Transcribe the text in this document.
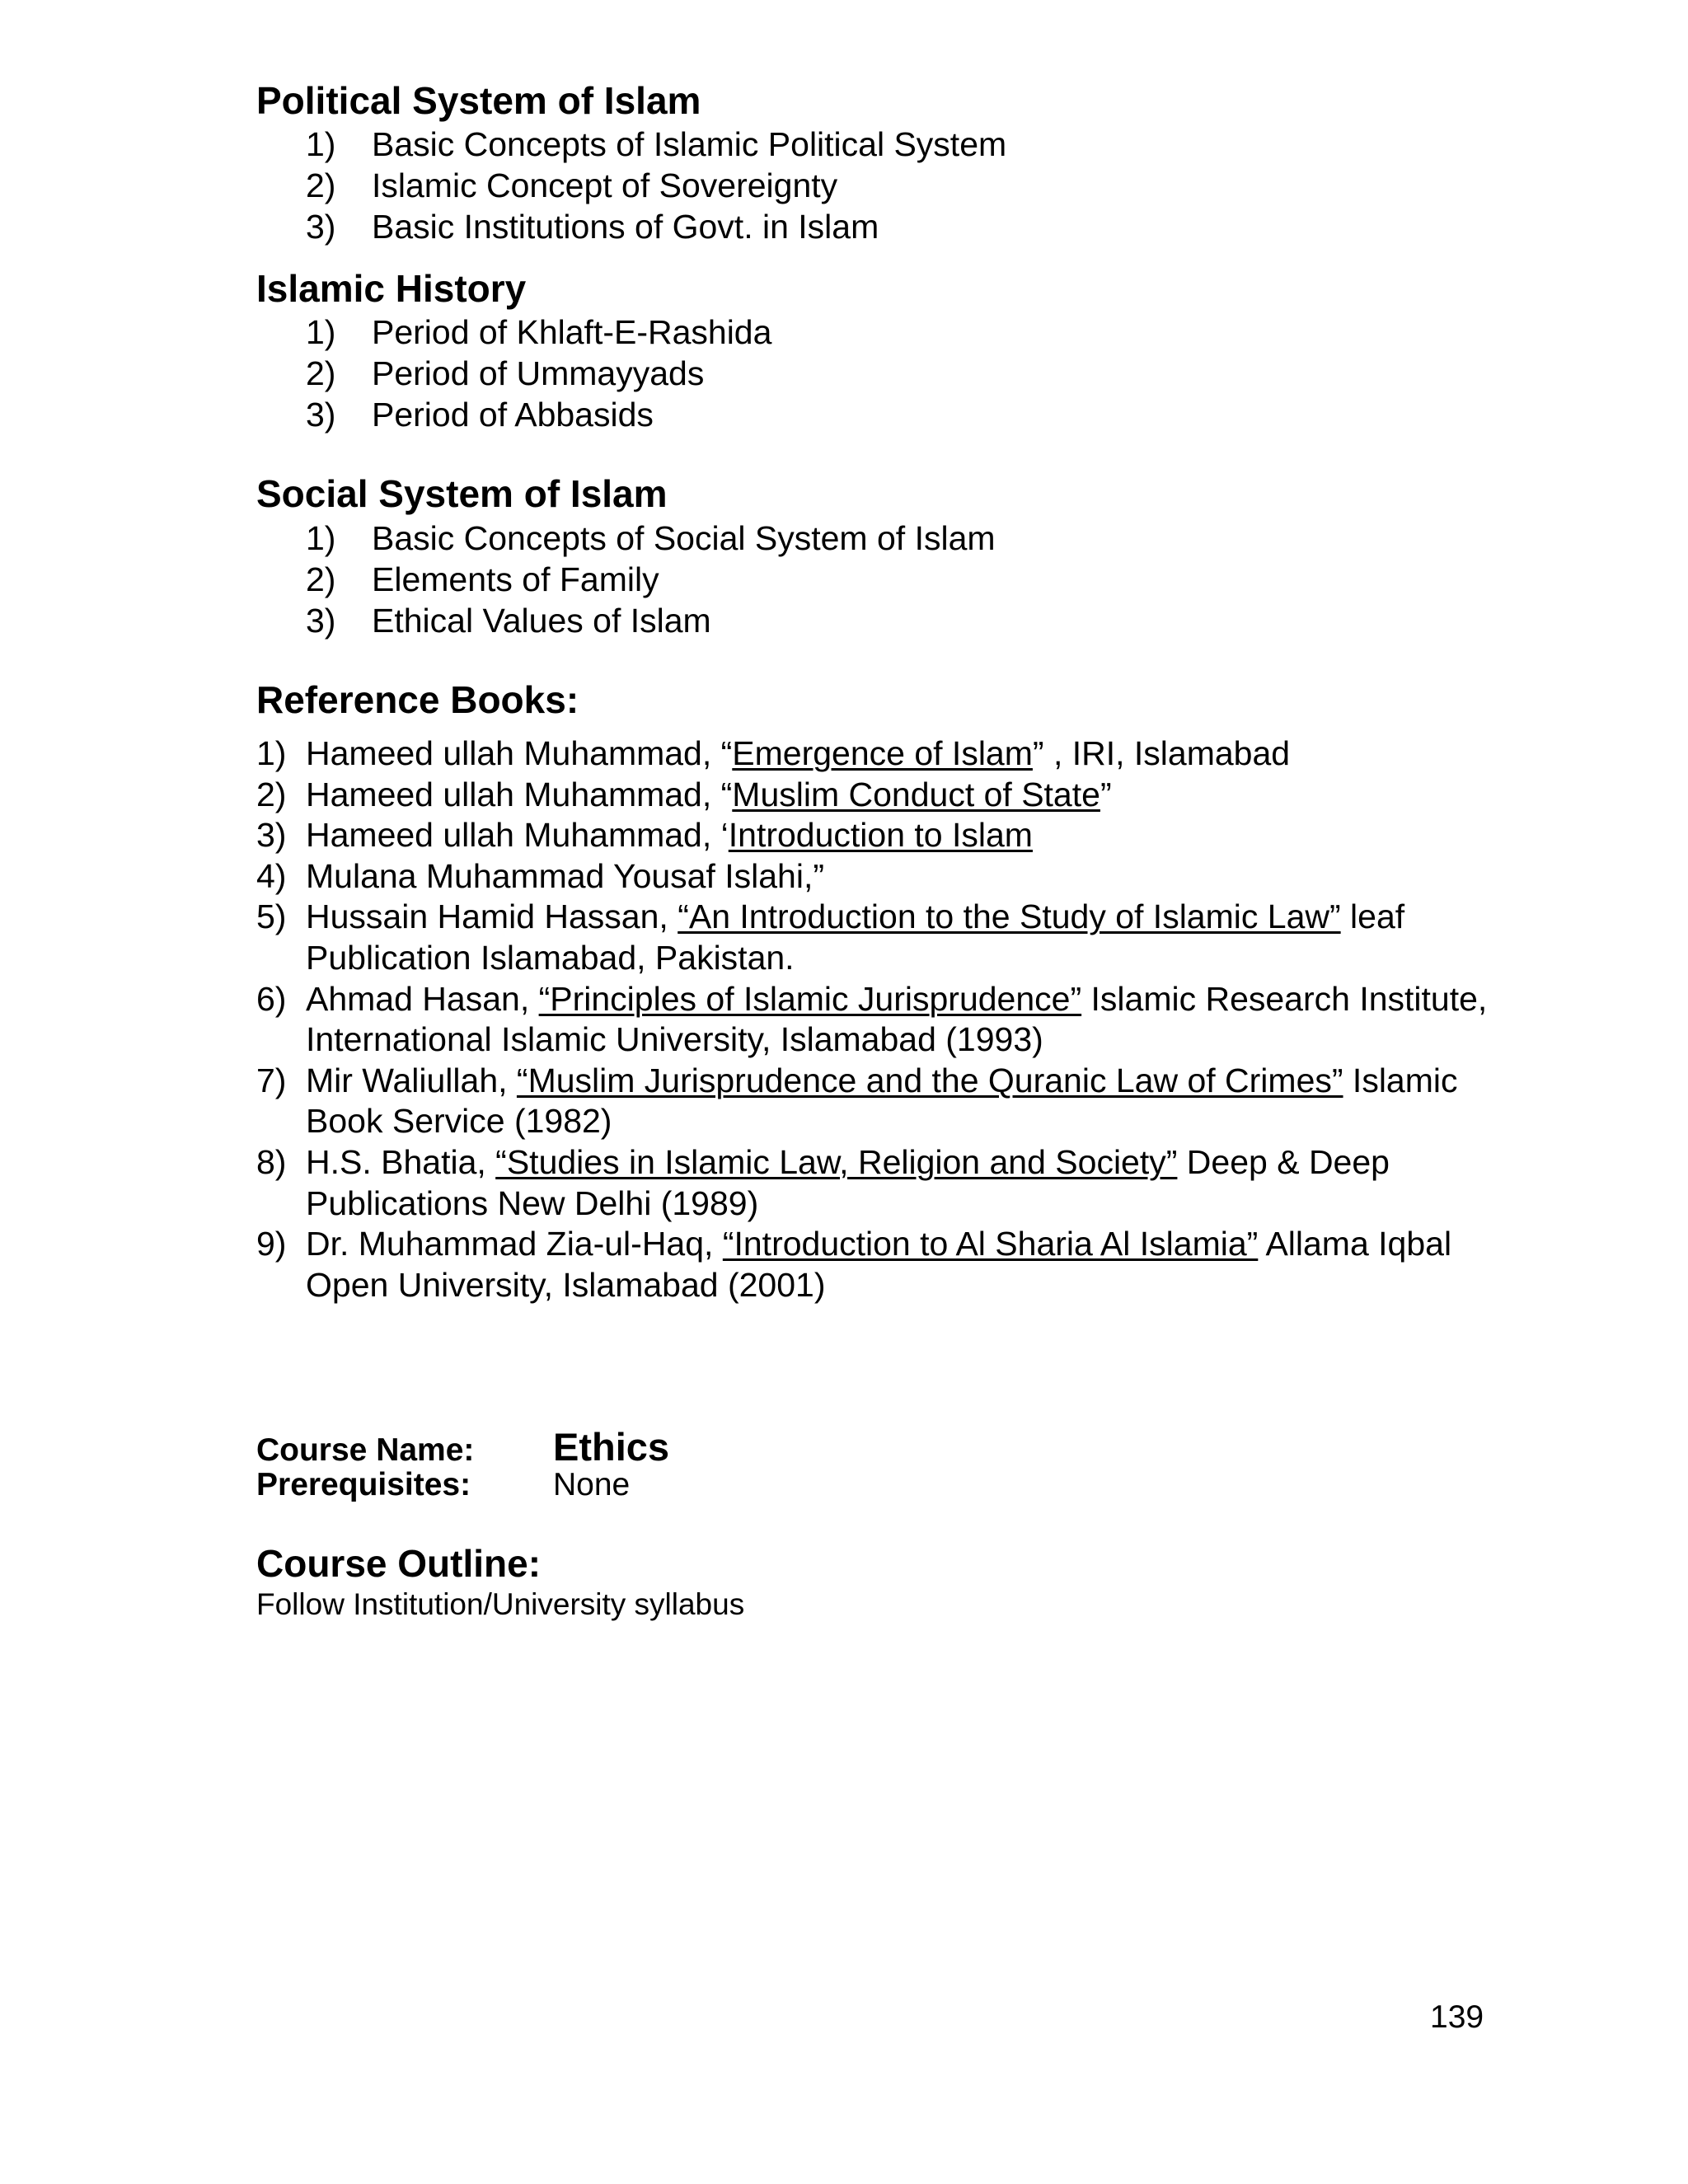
Political System of Islam
1)	Basic Concepts of Islamic Political System
2)	Islamic Concept of Sovereignty
3)	Basic Institutions of Govt. in Islam
Islamic History
1)	Period of Khlaft-E-Rashida
2)	Period of Ummayyads
3)	Period of Abbasids
Social System of Islam
1)	Basic Concepts of Social System of Islam
2)	Elements of Family
3)	Ethical Values of Islam
Reference Books:
1) Hameed ullah Muhammad, “Emergence of Islam” , IRI, Islamabad
2) Hameed ullah Muhammad, “Muslim Conduct of State”
3) Hameed ullah Muhammad, ‘Introduction to Islam
4) Mulana Muhammad Yousaf Islahi,”
5) Hussain Hamid Hassan, “An Introduction to the Study of Islamic Law” leaf Publication Islamabad, Pakistan.
6) Ahmad Hasan, “Principles of Islamic Jurisprudence” Islamic Research Institute, International Islamic University, Islamabad (1993)
7) Mir Waliullah, “Muslim Jurisprudence and the Quranic Law of Crimes” Islamic Book Service (1982)
8) H.S. Bhatia, “Studies in Islamic Law, Religion and Society” Deep & Deep Publications New Delhi (1989)
9) Dr. Muhammad Zia-ul-Haq, “Introduction to Al Sharia Al Islamia” Allama Iqbal Open University, Islamabad (2001)
Course Name:	Ethics
Prerequisites:	None
Course Outline:
Follow Institution/University syllabus
139
